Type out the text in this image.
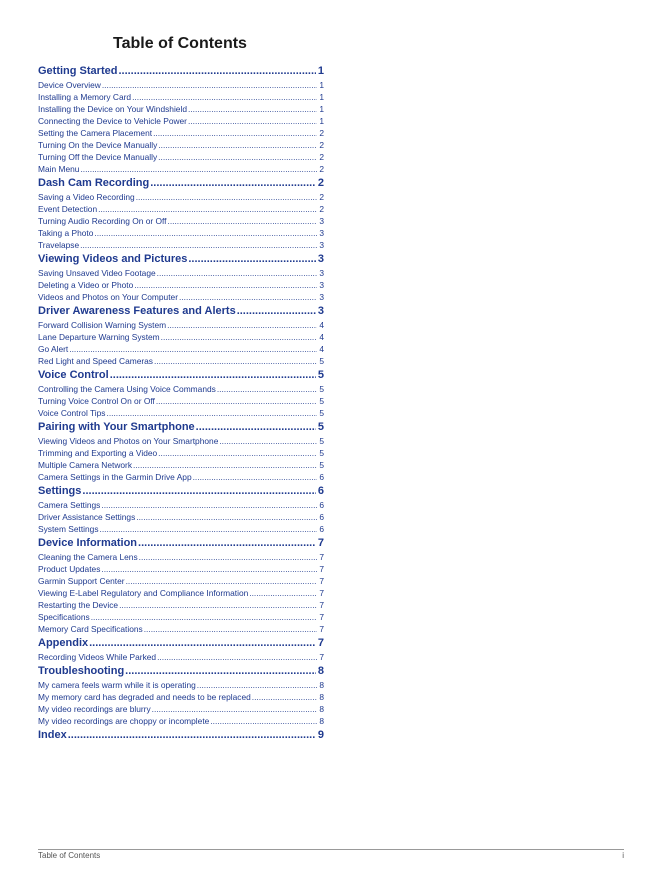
Table of Contents
Getting Started .....	1
Device Overview .....	1
Installing a Memory Card .....	1
Installing the Device on Your Windshield .....	1
Connecting the Device to Vehicle Power .....	1
Setting the Camera Placement .....	2
Turning On the Device Manually .....	2
Turning Off the Device Manually .....	2
Main Menu .....	2
Dash Cam Recording .....	2
Saving a Video Recording .....	2
Event Detection .....	2
Turning Audio Recording On or Off .....	3
Taking a Photo .....	3
Travelapse .....	3
Viewing Videos and Pictures .....	3
Saving Unsaved Video Footage .....	3
Deleting a Video or Photo .....	3
Videos and Photos on Your Computer .....	3
Driver Awareness Features and Alerts .....	3
Forward Collision Warning System .....	4
Lane Departure Warning System .....	4
Go Alert .....	4
Red Light and Speed Cameras .....	5
Voice Control .....	5
Controlling the Camera Using Voice Commands .....	5
Turning Voice Control On or Off .....	5
Voice Control Tips .....	5
Pairing with Your Smartphone .....	5
Viewing Videos and Photos on Your Smartphone .....	5
Trimming and Exporting a Video .....	5
Multiple Camera Network .....	5
Camera Settings in the Garmin Drive App .....	6
Settings .....	6
Camera Settings .....	6
Driver Assistance Settings .....	6
System Settings .....	6
Device Information .....	7
Cleaning the Camera Lens .....	7
Product Updates .....	7
Garmin Support Center .....	7
Viewing E-Label Regulatory and Compliance Information .....	7
Restarting the Device .....	7
Specifications .....	7
Memory Card Specifications .....	7
Appendix .....	7
Recording Videos While Parked .....	7
Troubleshooting .....	8
My camera feels warm while it is operating .....	8
My memory card has degraded and needs to be replaced .....	8
My video recordings are blurry .....	8
My video recordings are choppy or incomplete .....	8
Index .....	9
Table of Contents	i
